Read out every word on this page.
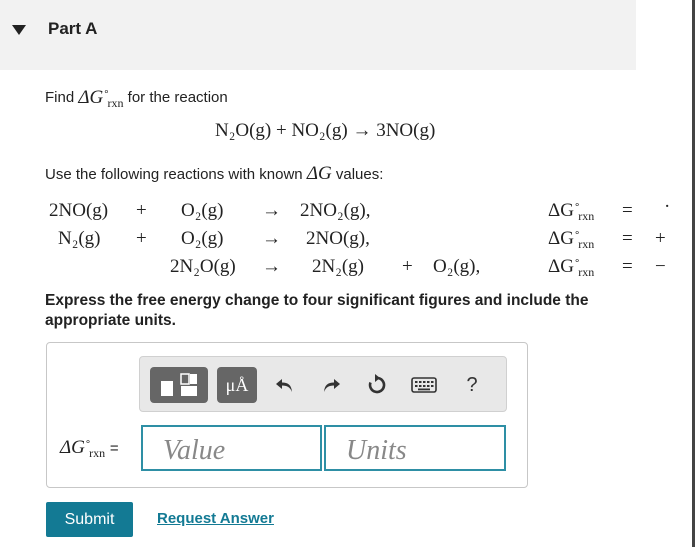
Part A
Find $\Delta G^\circ_{rxn}$ for the reaction
N₂O(g) + NO₂(g) → 3NO(g)
Use the following reactions with known ΔG values:
2NO(g) + O₂(g) → 2NO₂(g),	$\Delta G^\circ_{rxn}$ = ·
N₂(g) + O₂(g) → 2NO(g),	$\Delta G^\circ_{rxn}$ = +
2N₂O(g) → 2N₂(g) + O₂(g),	$\Delta G^\circ_{rxn}$ = −
Express the free energy change to four significant figures and include the appropriate units.
μÅ	?
$\Delta G^\circ_{rxn}$ =
Value
Units
Submit	Request Answer
